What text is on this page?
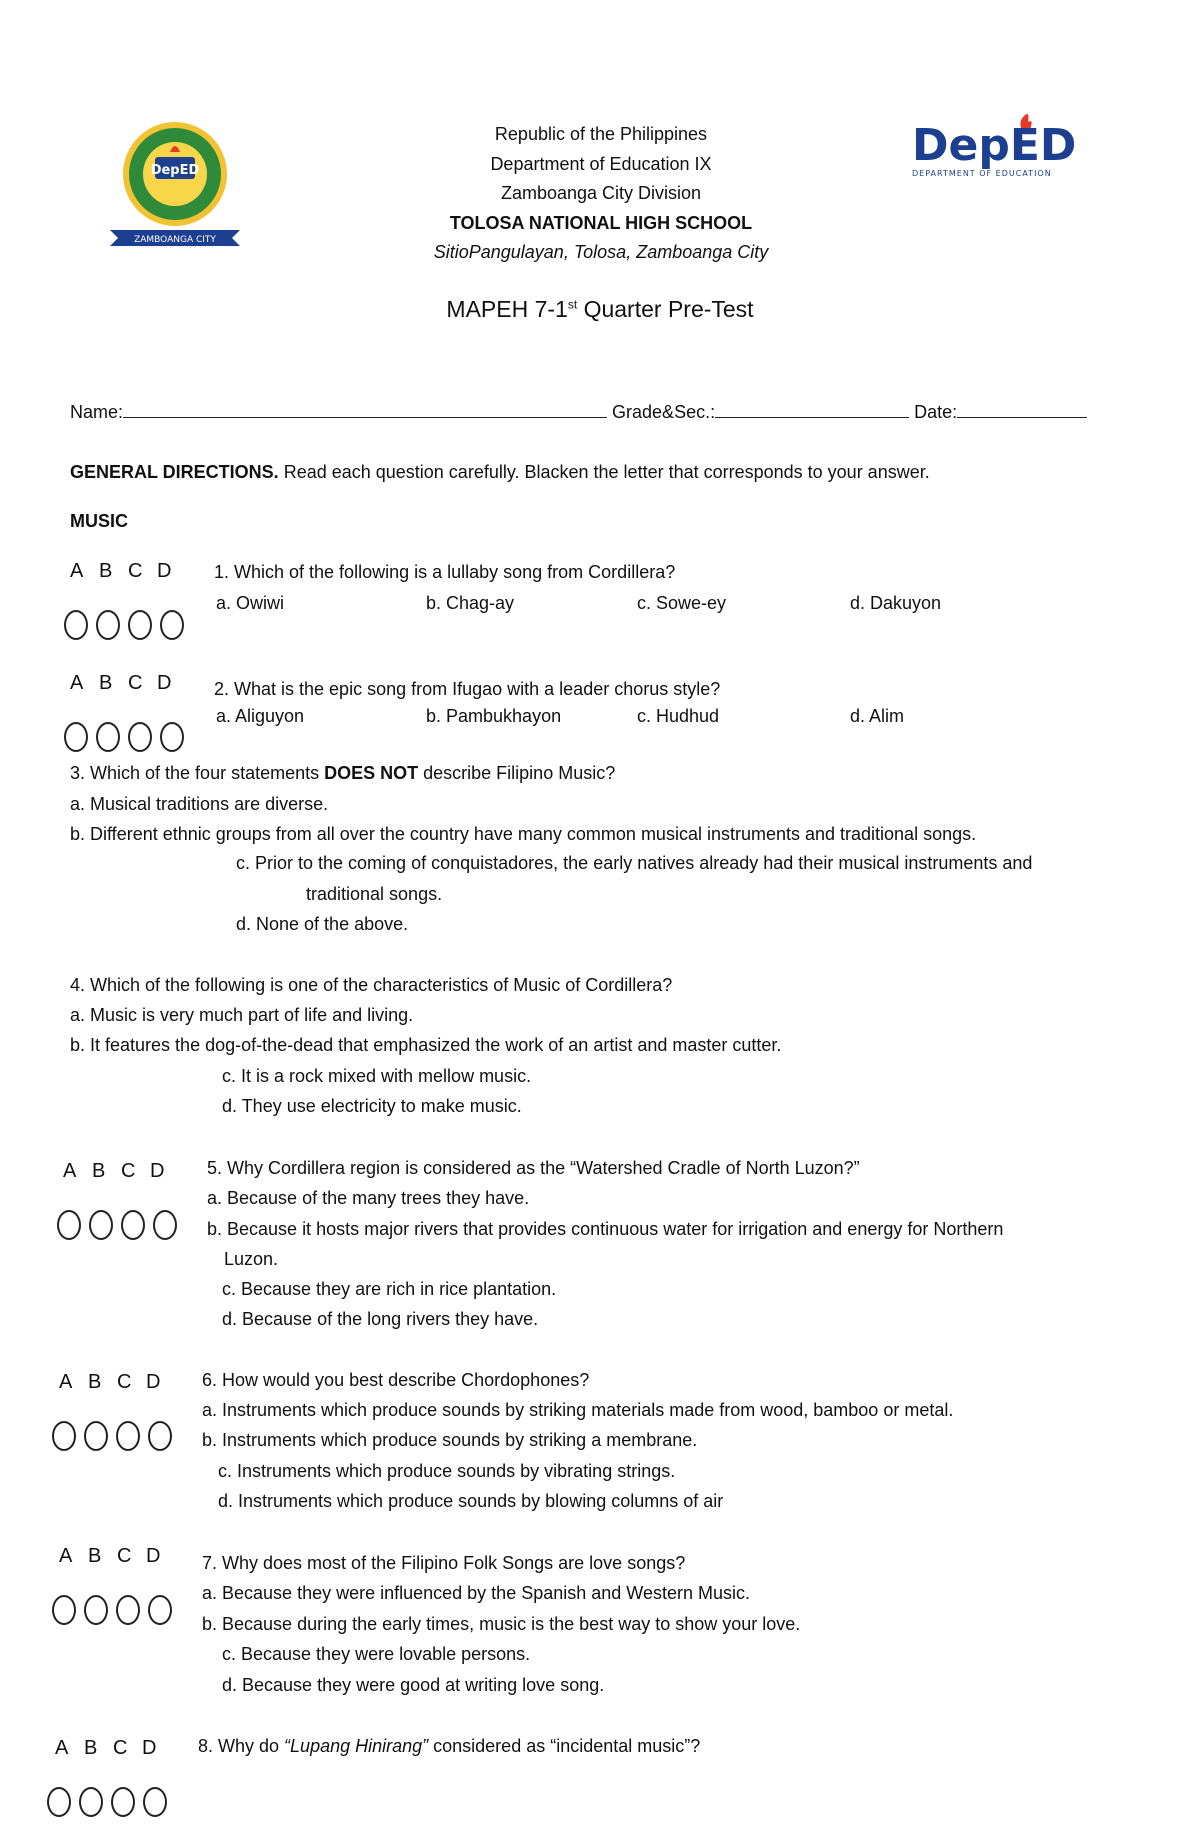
DepED
ZAMBOANGA CITY
DepED
DEPARTMENT OF EDUCATION
Republic of the Philippines
Department of Education IX
Zamboanga City Division
TOLOSA NATIONAL HIGH SCHOOL
SitioPangulayan, Tolosa, Zamboanga City
MAPEH 7-1st Quarter Pre-Test
Name:	Grade&Sec.:	Date:
GENERAL DIRECTIONS. Read each question carefully. Blacken the letter that corresponds to your answer.
MUSIC
A B C D	1. Which of the following is a lullaby song from Cordillera?
a. Owiwi	b. Chag-ay	c. Sowe-ey	d. Dakuyon
A B C D	2. What is the epic song from Ifugao with a leader chorus style?
a. Aliguyon	b. Pambukhayon	c. Hudhud	d. Alim
3. Which of the four statements DOES NOT describe Filipino Music?
a. Musical traditions are diverse.
b. Different ethnic groups from all over the country have many common musical instruments and traditional songs.
c. Prior to the coming of conquistadores, the early natives already had their musical instruments and
traditional songs.
d. None of the above.
4. Which of the following is one of the characteristics of Music of Cordillera?
a. Music is very much part of life and living.
b. It features the dog-of-the-dead that emphasized the work of an artist and master cutter.
c. It is a rock mixed with mellow music.
d. They use electricity to make music.
A B C D	5. Why Cordillera region is considered as the “Watershed Cradle of North Luzon?”
a. Because of the many trees they have.
b. Because it hosts major rivers that provides continuous water for irrigation and energy for Northern
Luzon.
c. Because they are rich in rice plantation.
d. Because of the long rivers they have.
A B C D	6. How would you best describe Chordophones?
a. Instruments which produce sounds by striking materials made from wood, bamboo or metal.
b. Instruments which produce sounds by striking a membrane.
c. Instruments which produce sounds by vibrating strings.
d. Instruments which produce sounds by blowing columns of air
A B C D	7. Why does most of the Filipino Folk Songs are love songs?
a. Because they were influenced by the Spanish and Western Music.
b. Because during the early times, music is the best way to show your love.
c. Because they were lovable persons.
d. Because they were good at writing love song.
A B C D	8. Why do “Lupang Hinirang” considered as “incidental music”?
